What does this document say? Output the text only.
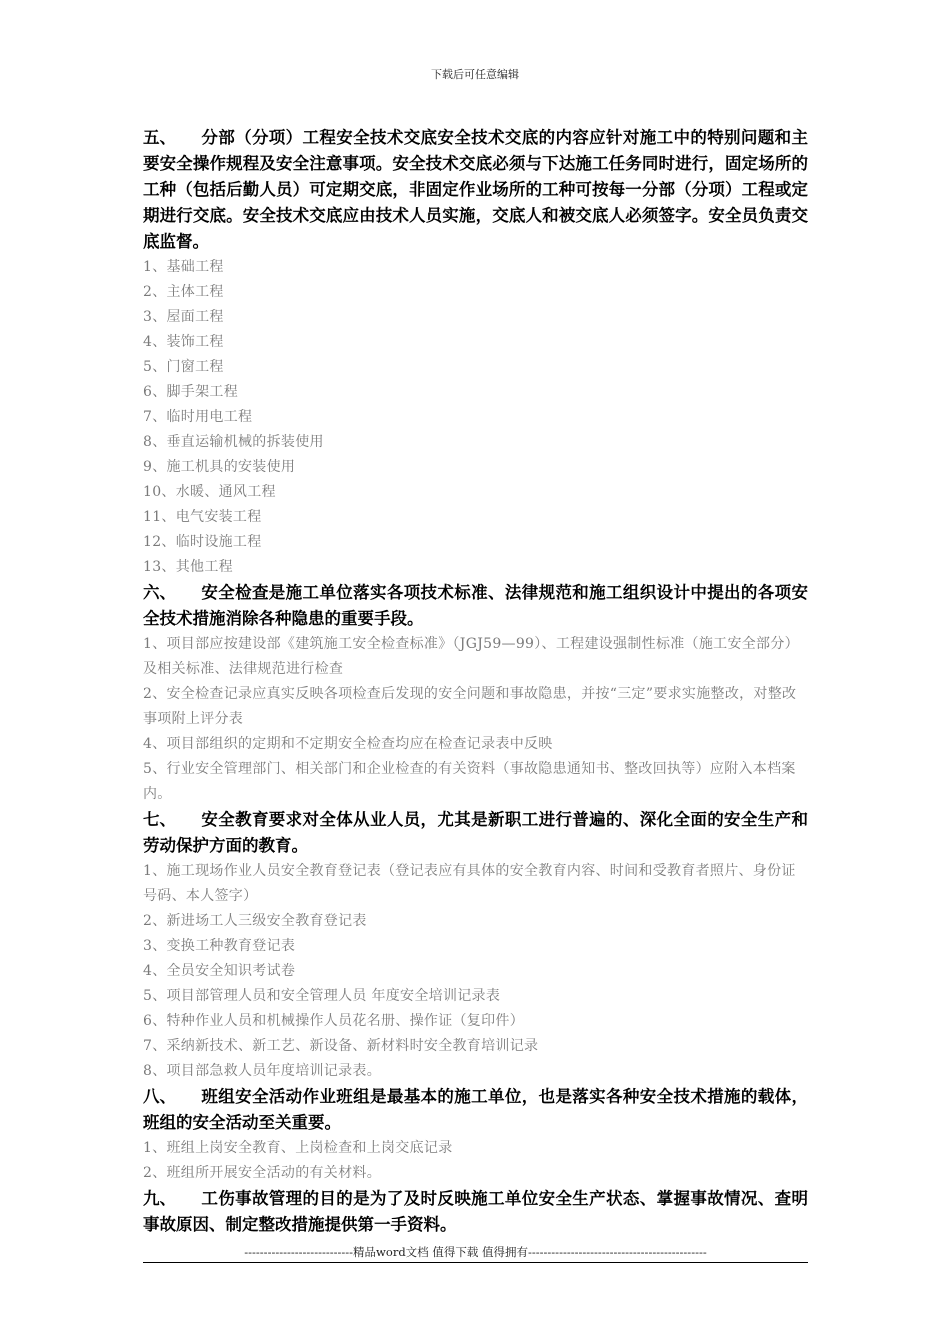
下载后可任意编辑

五、 分部（分项）工程安全技术交底安全技术交底的内容应针对施工中的特别问题和主要安全操作规程及安全注意事项。安全技术交底必须与下达施工任务同时进行，固定场所的工种（包括后勤人员）可定期交底，非固定作业场所的工种可按每一分部（分项）工程或定期进行交底。安全技术交底应由技术人员实施，交底人和被交底人必须签字。安全员负责交底监督。

1、基础工程
2、主体工程
3、屋面工程
4、装饰工程
5、门窗工程
6、脚手架工程
7、临时用电工程
8、垂直运输机械的拆装使用
9、施工机具的安装使用
10、水暖、通风工程
11、电气安装工程
12、临时设施工程
13、其他工程

六、 安全检查是施工单位落实各项技术标准、法律规范和施工组织设计中提出的各项安全技术措施消除各种隐患的重要手段。

1、项目部应按建设部《建筑施工安全检查标准》（JGJ59—99）、工程建设强制性标准（施工安全部分）及相关标准、法律规范进行检查
2、安全检查记录应真实反映各项检查后发现的安全问题和事故隐患，并按“三定”要求实施整改，对整改事项附上评分表
4、项目部组织的定期和不定期安全检查均应在检查记录表中反映
5、行业安全管理部门、相关部门和企业检查的有关资料（事故隐患通知书、整改回执等）应附入本档案内。

七、 安全教育要求对全体从业人员，尤其是新职工进行普遍的、深化全面的安全生产和劳动保护方面的教育。

1、施工现场作业人员安全教育登记表（登记表应有具体的安全教育内容、时间和受教育者照片、身份证号码、本人签字）
2、新进场工人三级安全教育登记表
3、变换工种教育登记表
4、全员安全知识考试卷
5、项目部管理人员和安全管理人员 年度安全培训记录表
6、特种作业人员和机械操作人员花名册、操作证（复印件）
7、采纳新技术、新工艺、新设备、新材料时安全教育培训记录
8、项目部急救人员年度培训记录表。

八、 班组安全活动作业班组是最基本的施工单位，也是落实各种安全技术措施的载体，班组的安全活动至关重要。

1、班组上岗安全教育、上岗检查和上岗交底记录
2、班组所开展安全活动的有关材料。

九、 工伤事故管理的目的是为了及时反映施工单位安全生产状态、掌握事故情况、查明事故原因、制定整改措施提供第一手资料。

----------------------------精品word文档 值得下载 值得拥有----------------------------------------------
